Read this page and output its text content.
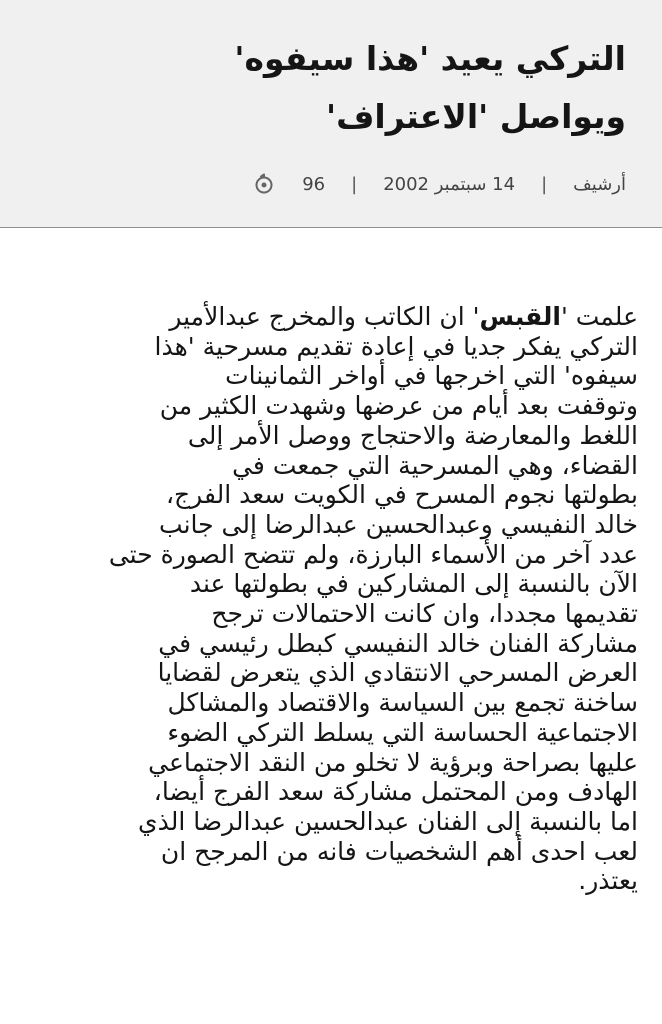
التركي يعيد 'هذا سيفوه' ويواصل 'الاعتراف'
أرشيف
|
14 سبتمبر 2002
|
96
علمت 'القبس' ان الكاتب والمخرج عبدالأمير
التركي يفكر جديا في إعادة تقديم مسرحية 'هذا
سيفوه' التي اخرجها في أواخر الثمانينات
وتوقفت بعد أيام من عرضها وشهدت الكثير من
اللغط والمعارضة والاحتجاج ووصل الأمر إلى
القضاء، وهي المسرحية التي جمعت في
بطولتها نجوم المسرح في الكويت سعد الفرج،
خالد النفيسي وعبدالحسين عبدالرضا إلى جانب
عدد آخر من الأسماء البارزة، ولم تتضح الصورة حتى
الآن بالنسبة إلى المشاركين في بطولتها عند
تقديمها مجددا، وان كانت الاحتمالات ترجح
مشاركة الفنان خالد النفيسي كبطل رئيسي في
العرض المسرحي الانتقادي الذي يتعرض لقضايا
ساخنة تجمع بين السياسة والاقتصاد والمشاكل
الاجتماعية الحساسة التي يسلط التركي الضوء
عليها بصراحة وبرؤية لا تخلو من النقد الاجتماعي
الهادف ومن المحتمل مشاركة سعد الفرج أيضا،
اما بالنسبة إلى الفنان عبدالحسين عبدالرضا الذي
لعب احدى أهم الشخصيات فانه من المرجح ان
يعتذر.
